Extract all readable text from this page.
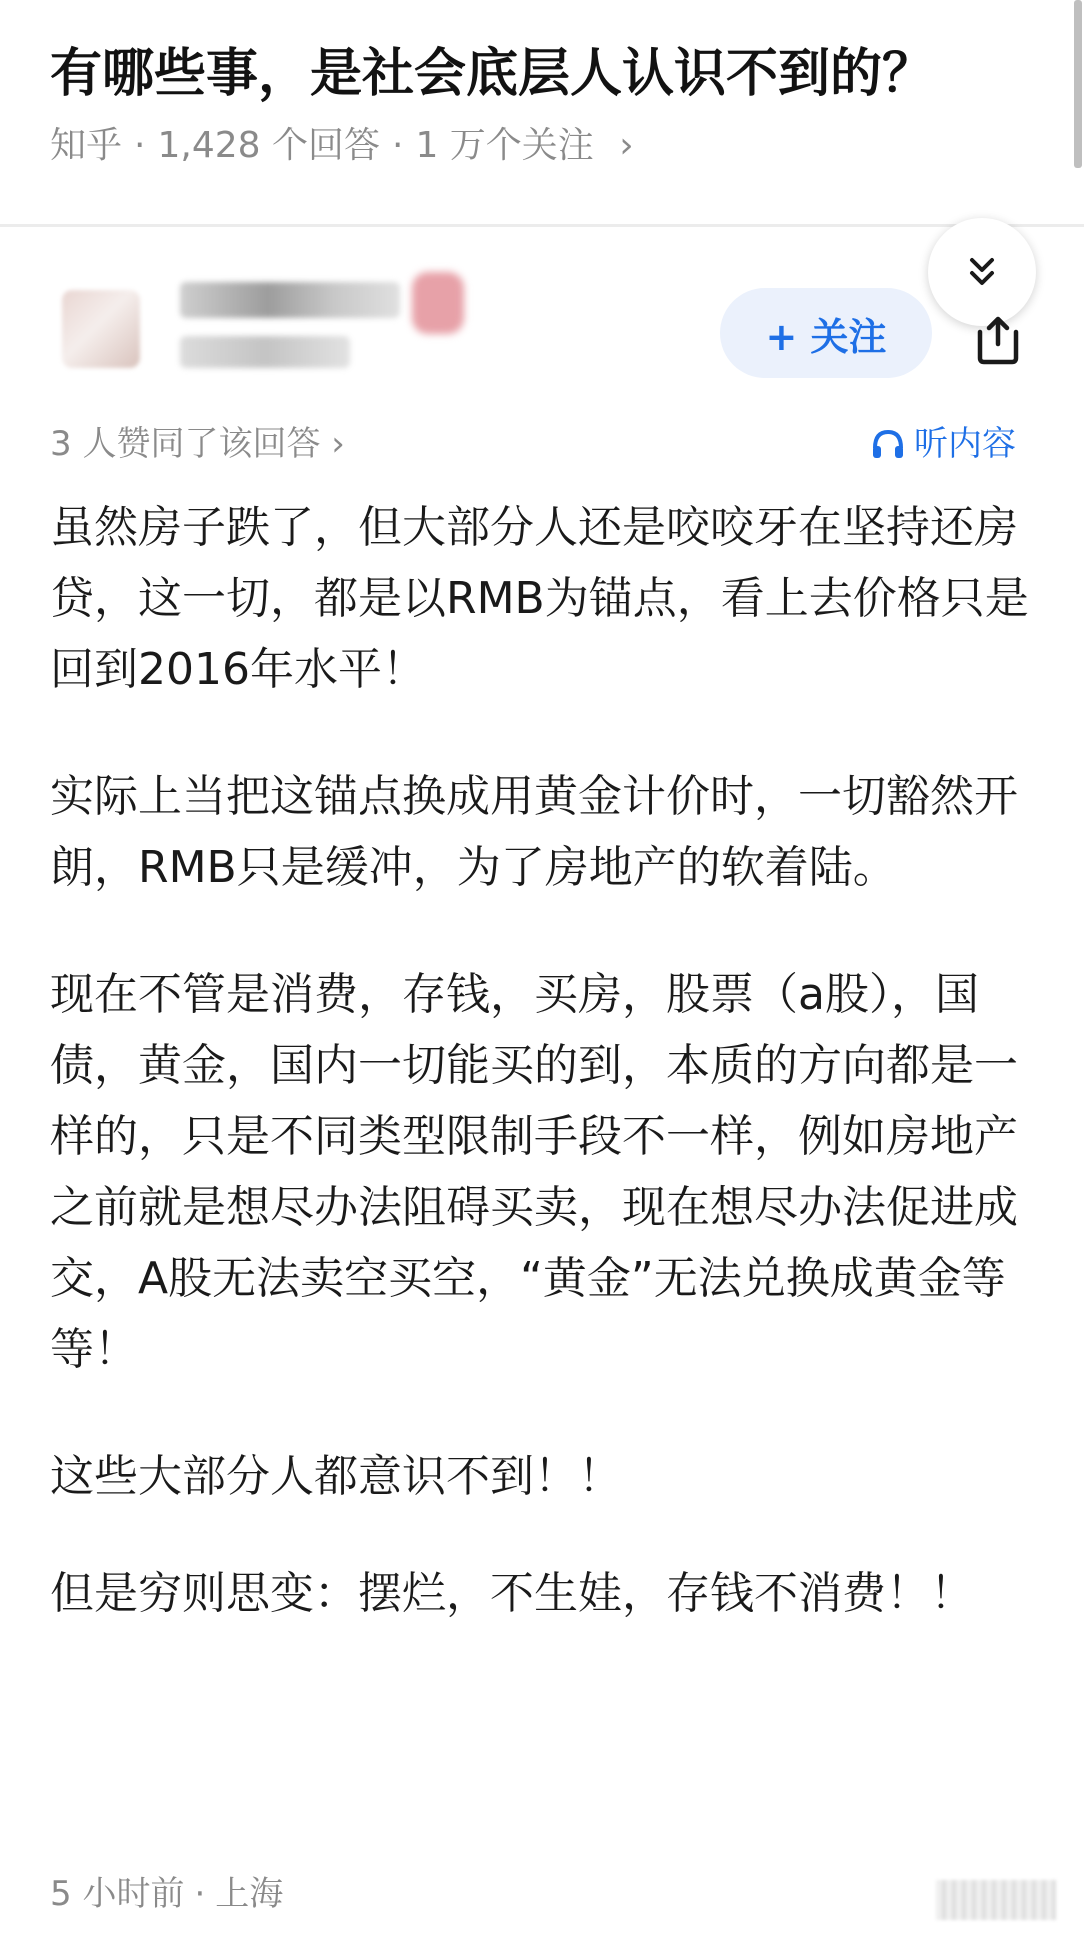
有哪些事，是社会底层人认识不到的？
知乎 · 1,428 个回答 · 1 万个关注 ›
+ 关注
3 人赞同了该回答 ›	听内容

虽然房子跌了，但大部分人还是咬咬牙在坚持还房贷，这一切，都是以RMB为锚点，看上去价格只是回到2016年水平！

实际上当把这锚点换成用黄金计价时，一切豁然开朗，RMB只是缓冲，为了房地产的软着陆。

现在不管是消费，存钱，买房，股票（a股），国债，黄金，国内一切能买的到，本质的方向都是一样的，只是不同类型限制手段不一样，例如房地产之前就是想尽办法阻碍买卖，现在想尽办法促进成交，A股无法卖空买空，“黄金”无法兑换成黄金等等！

这些大部分人都意识不到！！

但是穷则思变：摆烂，不生娃，存钱不消费！！

5 小时前 · 上海
